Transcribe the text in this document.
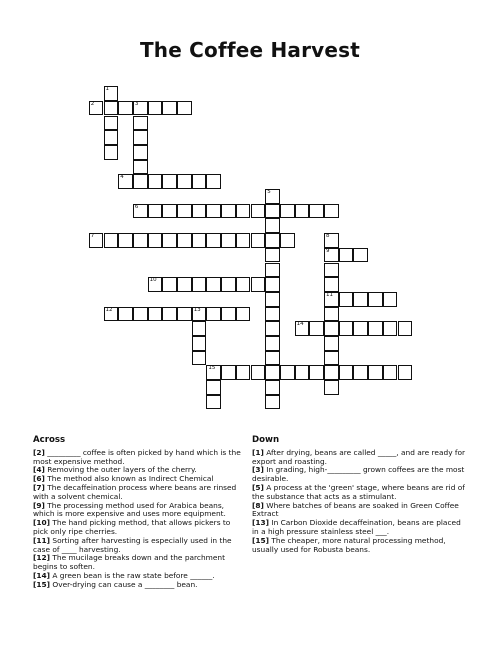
The Coffee Harvest
2	3
1
4
6
7
5
9
10
11
12	13
14
8
15
Across

[2] _________ coffee is often picked by hand which is the most expensive method.

[4] Removing the outer layers of the cherry.

[6] The method also known as Indirect Chemical

[7] The decaffeination process where beans are rinsed with a solvent chemical.

[9] The processing method used for Arabica beans, which is more expensive and uses more equipment.

[10] The hand picking method, that allows pickers to pick only ripe cherries.

[11] Sorting after harvesting is especially used in the case of ____ harvesting.

[12] The mucilage breaks down and the parchment begins to soften.

[14] A green bean is the raw state before ______.

[15] Over-drying can cause a ________ bean.

Down

[1] After drying, beans are called _____, and are ready for export and roasting.

[3] In grading, high-_________ grown coffees are the most desirable.

[5] A process at the 'green' stage, where beans are rid of the substance that acts as a stimulant.

[8] Where batches of beans are soaked in Green Coffee Extract

[13] In Carbon Dioxide decaffeination, beans are placed in a high pressure stainless steel ___.

[15] The cheaper, more natural processing method, usually used for Robusta beans.
